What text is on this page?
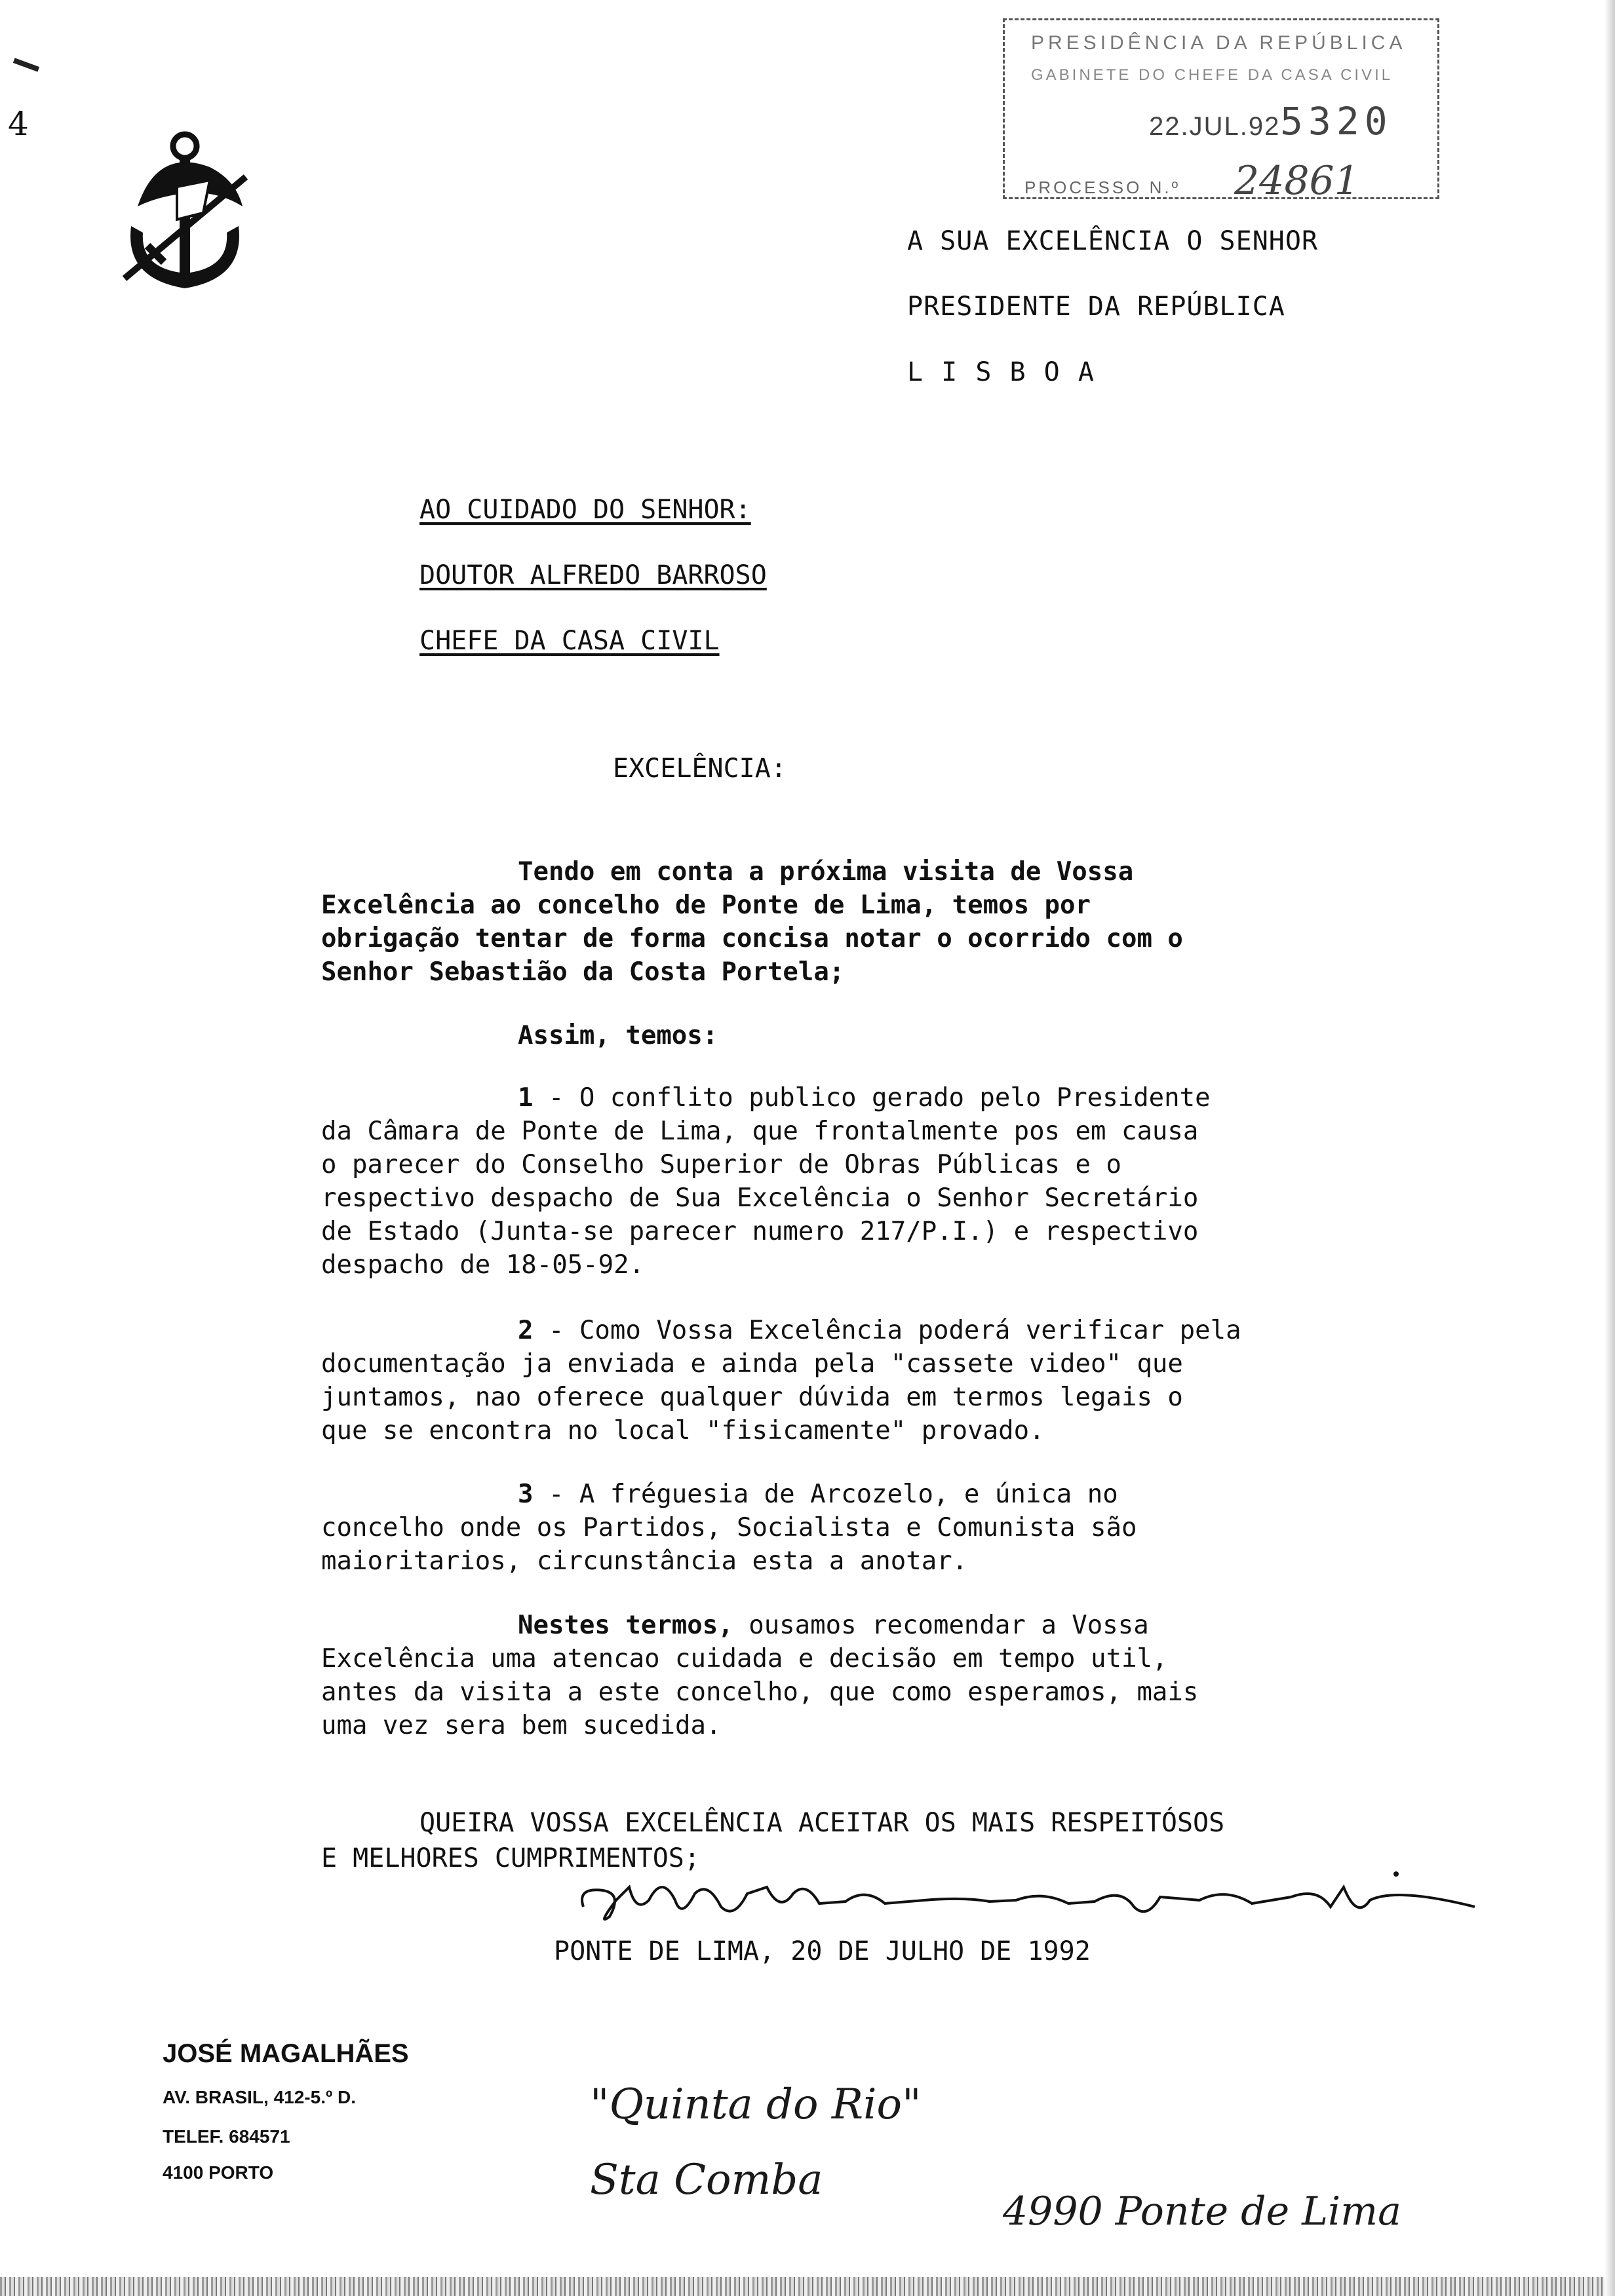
4
PRESIDÊNCIA DA REPÚBLICA
GABINETE DO CHEFE DA CASA CIVIL
22.JUL.92 5320
PROCESSO N.º 24861
A SUA EXCELÊNCIA O SENHOR
PRESIDENTE DA REPÚBLICA
L I S B O A
AO CUIDADO DO SENHOR:
DOUTOR ALFREDO BARROSO
CHEFE DA CASA CIVIL
EXCELÊNCIA:
Tendo em conta a próxima visita de Vossa
Excelência ao concelho de Ponte de Lima, temos por
obrigação tentar de forma concisa notar o ocorrido com o
Senhor Sebastião da Costa Portela;
Assim, temos:
1 - O conflito publico gerado pelo Presidente
da Câmara de Ponte de Lima, que frontalmente pos em causa
o parecer do Conselho Superior de Obras Públicas e o
respectivo despacho de Sua Excelência o Senhor Secretário
de Estado (Junta-se parecer numero 217/P.I.) e respectivo
despacho de 18-05-92.
2 - Como Vossa Excelência poderá verificar pela
documentação ja enviada e ainda pela "cassete video" que
juntamos, nao oferece qualquer dúvida em termos legais o
que se encontra no local "fisicamente" provado.
3 - A fréguesia de Arcozelo, e única no
concelho onde os Partidos, Socialista e Comunista são
maioritarios, circunstância esta a anotar.
Nestes termos, ousamos recomendar a Vossa
Excelência uma atencao cuidada e decisão em tempo util,
antes da visita a este concelho, que como esperamos, mais
uma vez sera bem sucedida.
QUEIRA VOSSA EXCELÊNCIA ACEITAR OS MAIS RESPEITÓSOS
E MELHORES CUMPRIMENTOS;
PONTE DE LIMA, 20 DE JULHO DE 1992
JOSÉ MAGALHÃES
AV. BRASIL, 412-5.º D.
TELEF. 684571
4100 PORTO
"Quinta do Rio"
Sta Comba
4990 Ponte de Lima
